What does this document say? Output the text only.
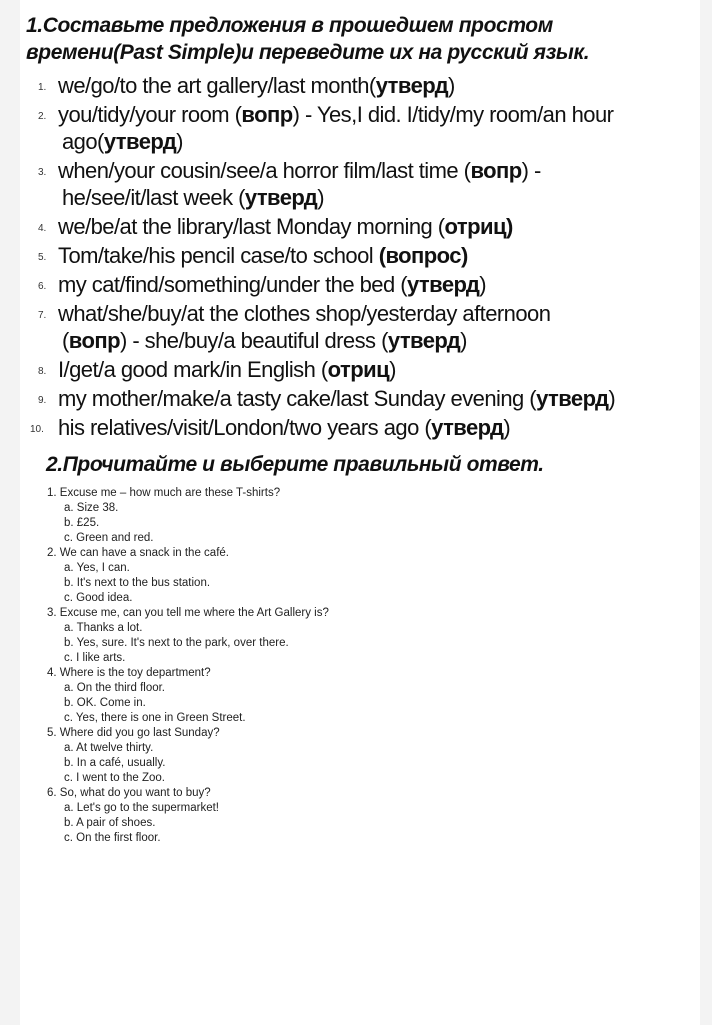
1.Составьте предложения в прошедшем простом
времени(Past Simple)и переведите их на русский язык.
1. we/go/to the art gallery/last month(утверд)
2. you/tidy/your room (вопр) - Yes,I did. I/tidy/my room/an hour
ago(утверд)
3. when/your cousin/see/a horror film/last time (вопр) -
he/see/it/last week (утверд)
4. we/be/at the library/last Monday morning (отриц)
5. Tom/take/his pencil case/to school (вопрос)
6. my cat/find/something/under the bed (утверд)
7. what/she/buy/at the clothes shop/yesterday afternoon
(вопр) - she/buy/a beautiful dress (утверд)
8. I/get/a good mark/in English (отриц)
9. my mother/make/a tasty cake/last Sunday evening (утверд)
10. his relatives/visit/London/two years ago (утверд)
2.Прочитайте и выберите правильный ответ.
1. Excuse me – how much are these T-shirts?
a. Size 38.
b. £25.
c. Green and red.
2. We can have a snack in the café.
a. Yes, I can.
b. It's next to the bus station.
c. Good idea.
3. Excuse me, can you tell me where the Art Gallery is?
a. Thanks a lot.
b. Yes, sure. It's next to the park, over there.
c. I like arts.
4. Where is the toy department?
a. On the third floor.
b. OK. Come in.
c. Yes, there is one in Green Street.
5. Where did you go last Sunday?
a. At twelve thirty.
b. In a café, usually.
c. I went to the Zoo.
6. So, what do you want to buy?
a. Let's go to the supermarket!
b. A pair of shoes.
c. On the first floor.
